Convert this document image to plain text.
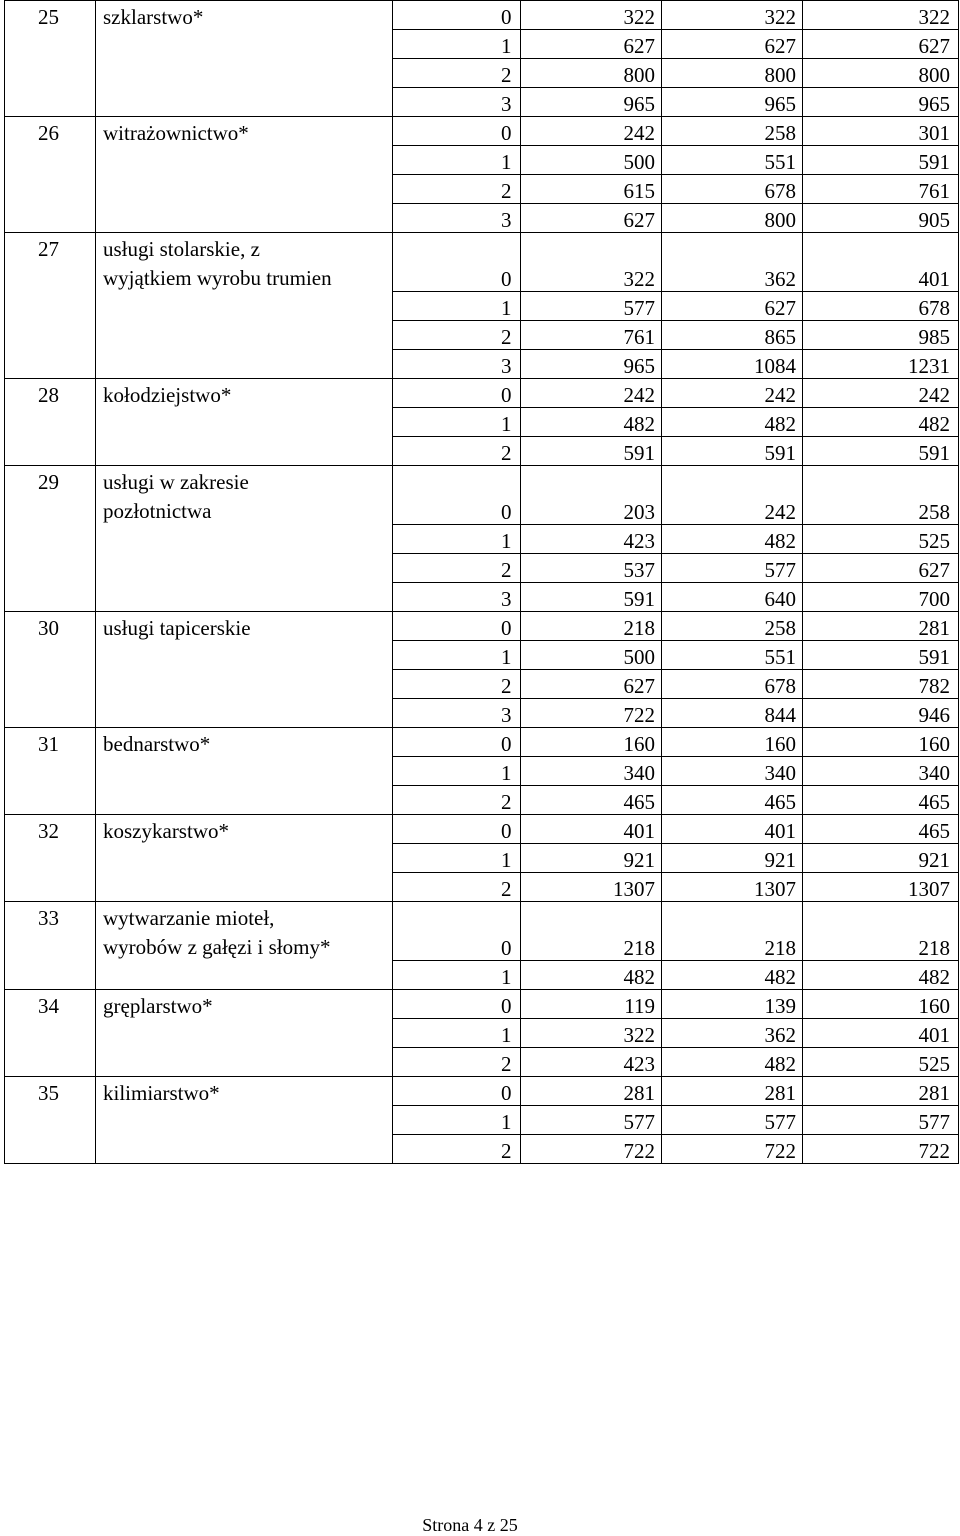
25	szklarstwo*	0	322	322	322
		1	627	627	627
		2	800	800	800
		3	965	965	965

26	witrażownictwo*	0	242	258	301
		1	500	551	591
		2	615	678	761
		3	627	800	905

27	usługi stolarskie, z
wyjątkiem wyrobu trumien	0	322	362	401
		1	577	627	678
		2	761	865	985
		3	965	1084	1231

28	kołodziejstwo*	0	242	242	242
		1	482	482	482
		2	591	591	591

29	usługi w zakresie
pozłotnictwa	0	203	242	258
		1	423	482	525
		2	537	577	627
		3	591	640	700

30	usługi tapicerskie	0	218	258	281
		1	500	551	591
		2	627	678	782
		3	722	844	946

31	bednarstwo*	0	160	160	160
		1	340	340	340
		2	465	465	465

32	koszykarstwo*	0	401	401	465
		1	921	921	921
		2	1307	1307	1307

33	wytwarzanie mioteł,
wyrobów z gałęzi i słomy*	0	218	218	218
		1	482	482	482

34	gręplarstwo*	0	119	139	160
		1	322	362	401
		2	423	482	525

35	kilimiarstwo*	0	281	281	281
		1	577	577	577
		2	722	722	722
Strona 4 z 25
